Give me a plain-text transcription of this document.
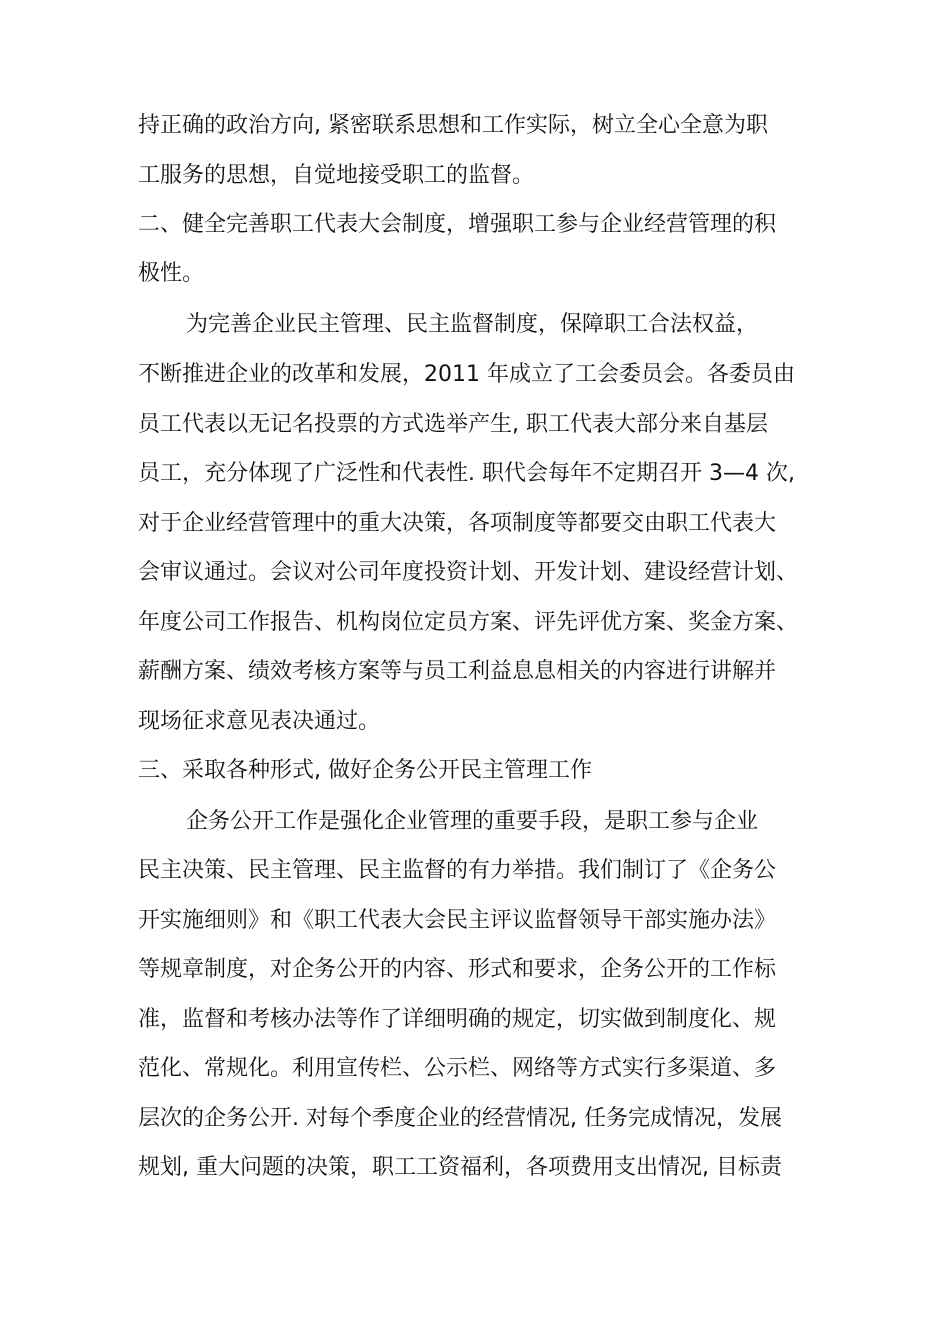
持正确的政治方向, 紧密联系思想和工作实际，树立全心全意为职
工服务的思想，自觉地接受职工的监督。
二、健全完善职工代表大会制度，增强职工参与企业经营管理的积
极性。
为完善企业民主管理、民主监督制度，保障职工合法权益，
不断推进企业的改革和发展，2011 年成立了工会委员会。各委员由
员工代表以无记名投票的方式选举产生, 职工代表大部分来自基层
员工，充分体现了广泛性和代表性. 职代会每年不定期召开 3—4 次,
对于企业经营管理中的重大决策，各项制度等都要交由职工代表大
会审议通过。会议对公司年度投资计划、开发计划、建设经营计划、
年度公司工作报告、机构岗位定员方案、评先评优方案、奖金方案、
薪酬方案、绩效考核方案等与员工利益息息相关的内容进行讲解并
现场征求意见表决通过。
三、采取各种形式, 做好企务公开民主管理工作
企务公开工作是强化企业管理的重要手段，是职工参与企业
民主决策、民主管理、民主监督的有力举措。我们制订了《企务公
开实施细则》和《职工代表大会民主评议监督领导干部实施办法》
等规章制度，对企务公开的内容、形式和要求，企务公开的工作标
准，监督和考核办法等作了详细明确的规定，切实做到制度化、规
范化、常规化。利用宣传栏、公示栏、网络等方式实行多渠道、多
层次的企务公开. 对每个季度企业的经营情况, 任务完成情况，发展
规划, 重大问题的决策，职工工资福利，各项费用支出情况, 目标责
